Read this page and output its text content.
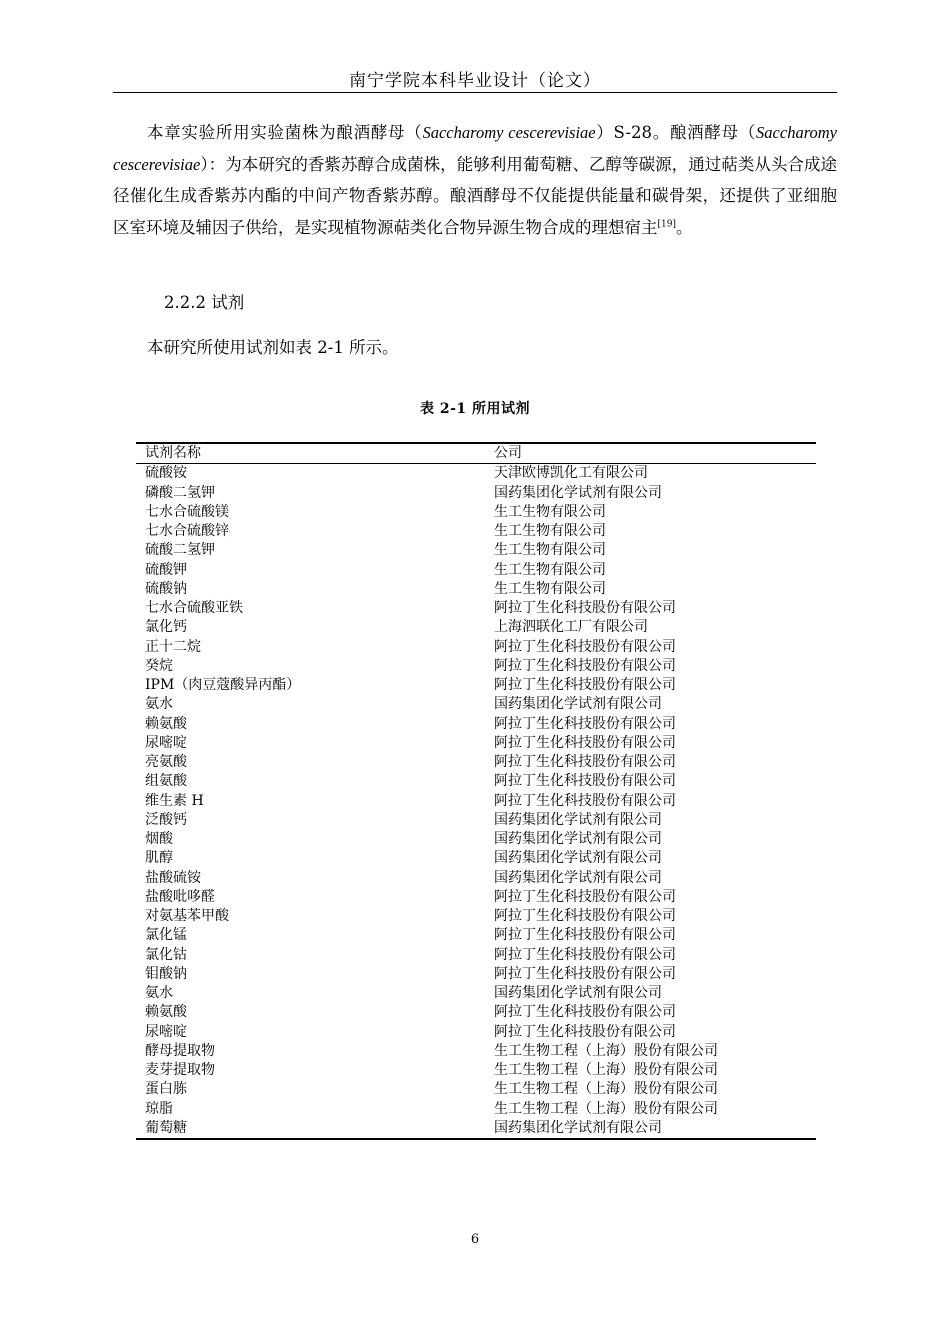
南宁学院本科毕业设计（论文）

本章实验所用实验菌株为酿酒酵母（Saccharomy cescerevisiae）S-28。酿酒酵母（Saccharomy cescerevisiae）：为本研究的香紫苏醇合成菌株，能够利用葡萄糖、乙醇等碳源，通过萜类从头合成途径催化生成香紫苏内酯的中间产物香紫苏醇。酿酒酵母不仅能提供能量和碳骨架，还提供了亚细胞区室环境及辅因子供给，是实现植物源萜类化合物异源生物合成的理想宿主[19]。

2.2.2 试剂
本研究所使用试剂如表 2-1 所示。
表 2-1 所用试剂
试剂名称	公司
硫酸铵	天津欧博凯化工有限公司
磷酸二氢钾	国药集团化学试剂有限公司
七水合硫酸镁	生工生物有限公司
七水合硫酸锌	生工生物有限公司
硫酸二氢钾	生工生物有限公司
硫酸钾	生工生物有限公司
硫酸钠	生工生物有限公司
七水合硫酸亚铁	阿拉丁生化科技股份有限公司
氯化钙	上海泗联化工厂有限公司
正十二烷	阿拉丁生化科技股份有限公司
癸烷	阿拉丁生化科技股份有限公司
IPM（肉豆蔻酸异丙酯）	阿拉丁生化科技股份有限公司
氨水	国药集团化学试剂有限公司
赖氨酸	阿拉丁生化科技股份有限公司
尿嘧啶	阿拉丁生化科技股份有限公司
亮氨酸	阿拉丁生化科技股份有限公司
组氨酸	阿拉丁生化科技股份有限公司
维生素 H	阿拉丁生化科技股份有限公司
泛酸钙	国药集团化学试剂有限公司
烟酸	国药集团化学试剂有限公司
肌醇	国药集团化学试剂有限公司
盐酸硫铵	国药集团化学试剂有限公司
盐酸吡哆醛	阿拉丁生化科技股份有限公司
对氨基苯甲酸	阿拉丁生化科技股份有限公司
氯化锰	阿拉丁生化科技股份有限公司
氯化钴	阿拉丁生化科技股份有限公司
钼酸钠	阿拉丁生化科技股份有限公司
氨水	国药集团化学试剂有限公司
赖氨酸	阿拉丁生化科技股份有限公司
尿嘧啶	阿拉丁生化科技股份有限公司
酵母提取物	生工生物工程（上海）股份有限公司
麦芽提取物	生工生物工程（上海）股份有限公司
蛋白胨	生工生物工程（上海）股份有限公司
琼脂	生工生物工程（上海）股份有限公司
葡萄糖	国药集团化学试剂有限公司
6
